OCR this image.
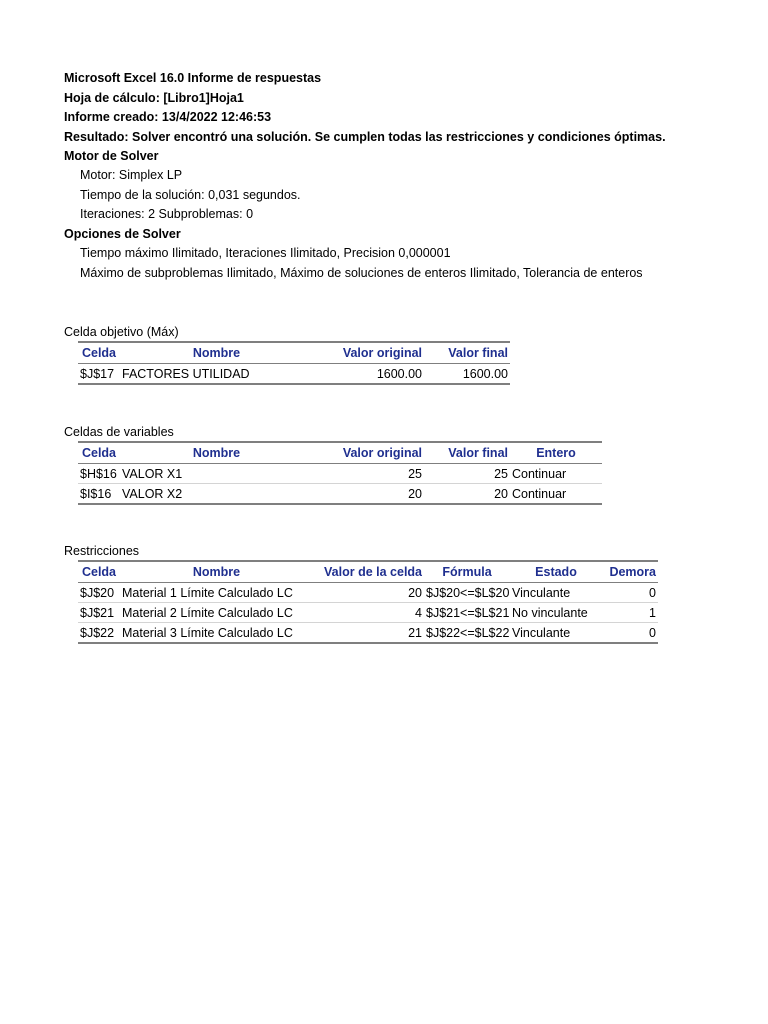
Microsoft Excel 16.0 Informe de respuestas
Hoja de cálculo: [Libro1]Hoja1
Informe creado: 13/4/2022 12:46:53
Resultado: Solver encontró una solución. Se cumplen todas las restricciones y condiciones óptimas.
Motor de Solver
Motor: Simplex LP
Tiempo de la solución: 0,031 segundos.
Iteraciones: 2 Subproblemas: 0
Opciones de Solver
Tiempo máximo Ilimitado, Iteraciones Ilimitado, Precision 0,000001
Máximo de subproblemas Ilimitado, Máximo de soluciones de enteros Ilimitado, Tolerancia de enteros
Celda objetivo (Máx)
Celda	Nombre	Valor original	Valor final
$J$17	FACTORES UTILIDAD	1600.00	1600.00
Celdas de variables
Celda	Nombre	Valor original	Valor final	Entero
$H$16	VALOR X1	25	25	Continuar
$I$16	VALOR X2	20	20	Continuar
Restricciones
Celda	Nombre	Valor de la celda	Fórmula	Estado	Demora
$J$20	Material 1 Límite Calculado LC	20	$J$20<=$L$20	Vinculante	0
$J$21	Material 2 Límite Calculado LC	4	$J$21<=$L$21	No vinculante	1
$J$22	Material 3 Límite Calculado LC	21	$J$22<=$L$22	Vinculante	0
